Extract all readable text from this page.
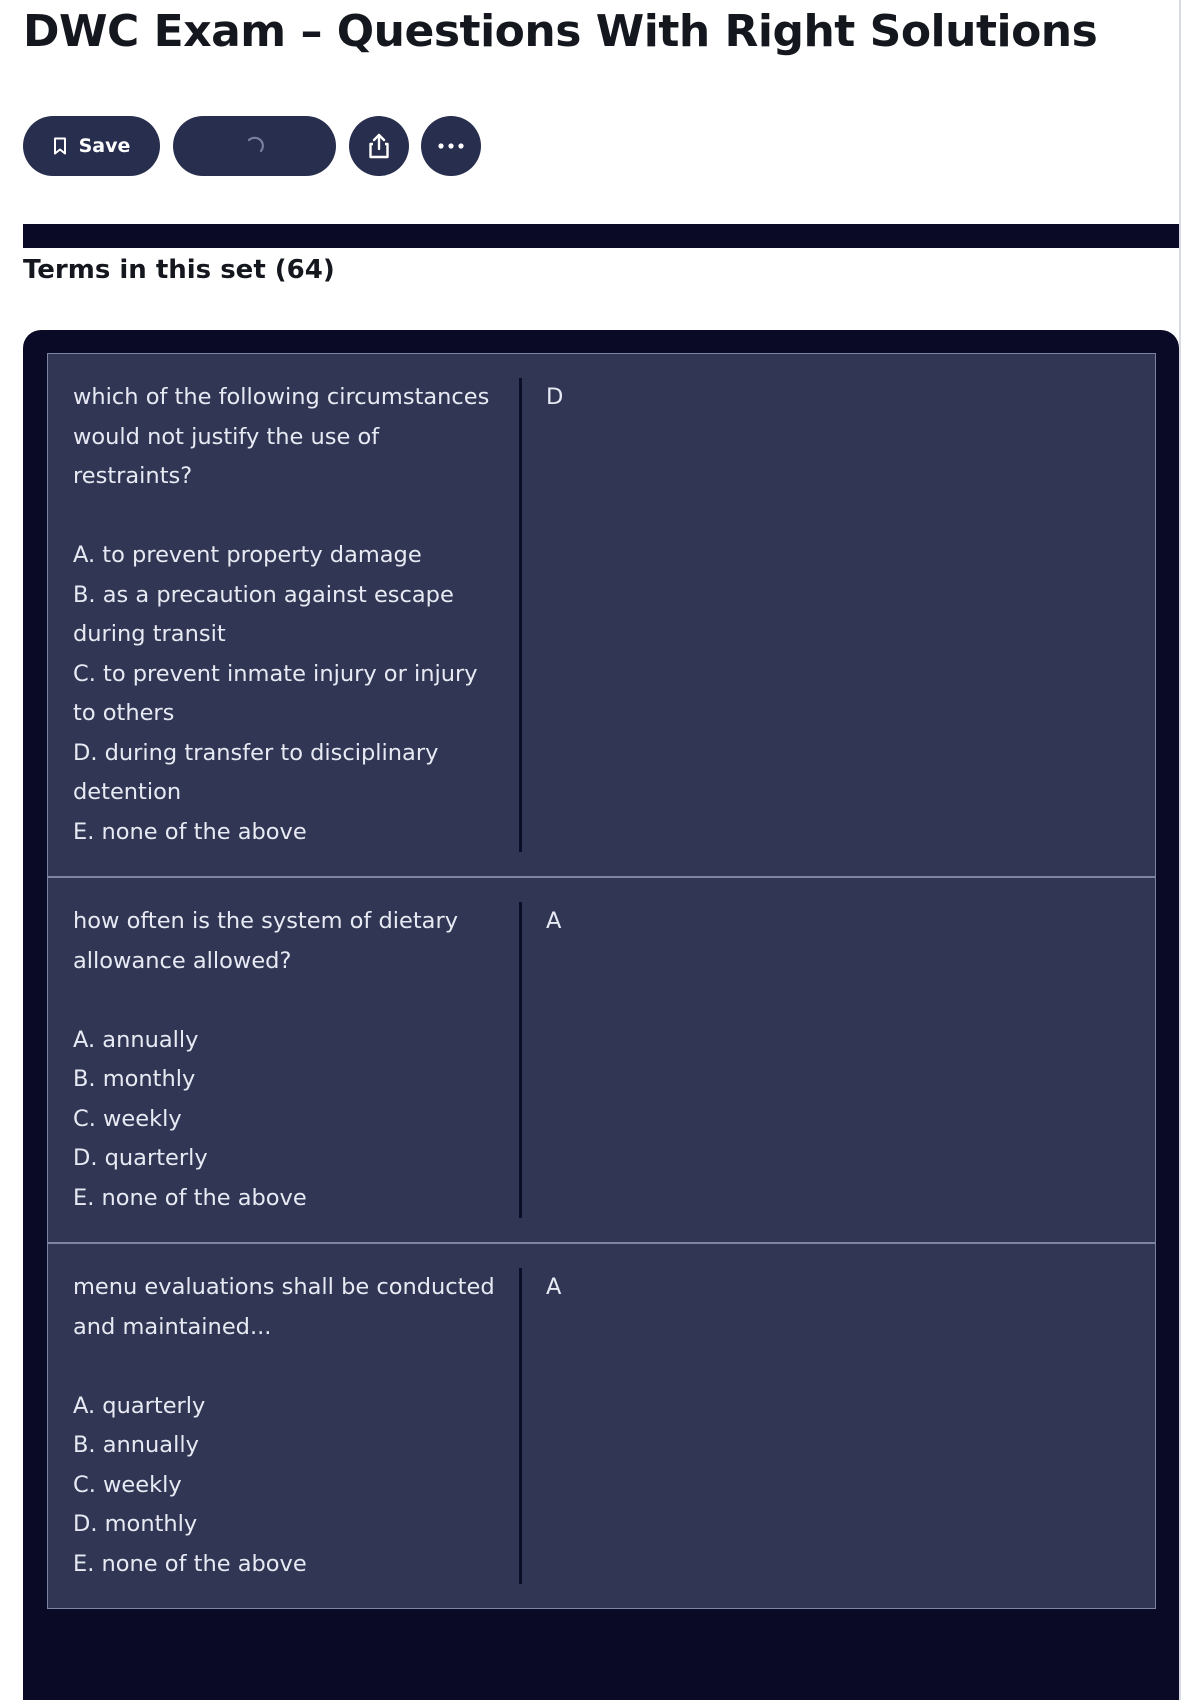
DWC Exam – Questions With Right Solutions
Save
Terms in this set (64)

which of the following circumstances would not justify the use of restraints?

A. to prevent property damage

B. as a precaution against escape during transit

C. to prevent inmate injury or injury to others

D. during transfer to disciplinary detention

E. none of the above

D

how often is the system of dietary allowance allowed?

A. annually

B. monthly

C. weekly

D. quarterly

E. none of the above

A

menu evaluations shall be conducted and maintained...

A. quarterly

B. annually

C. weekly

D. monthly

E. none of the above

A
